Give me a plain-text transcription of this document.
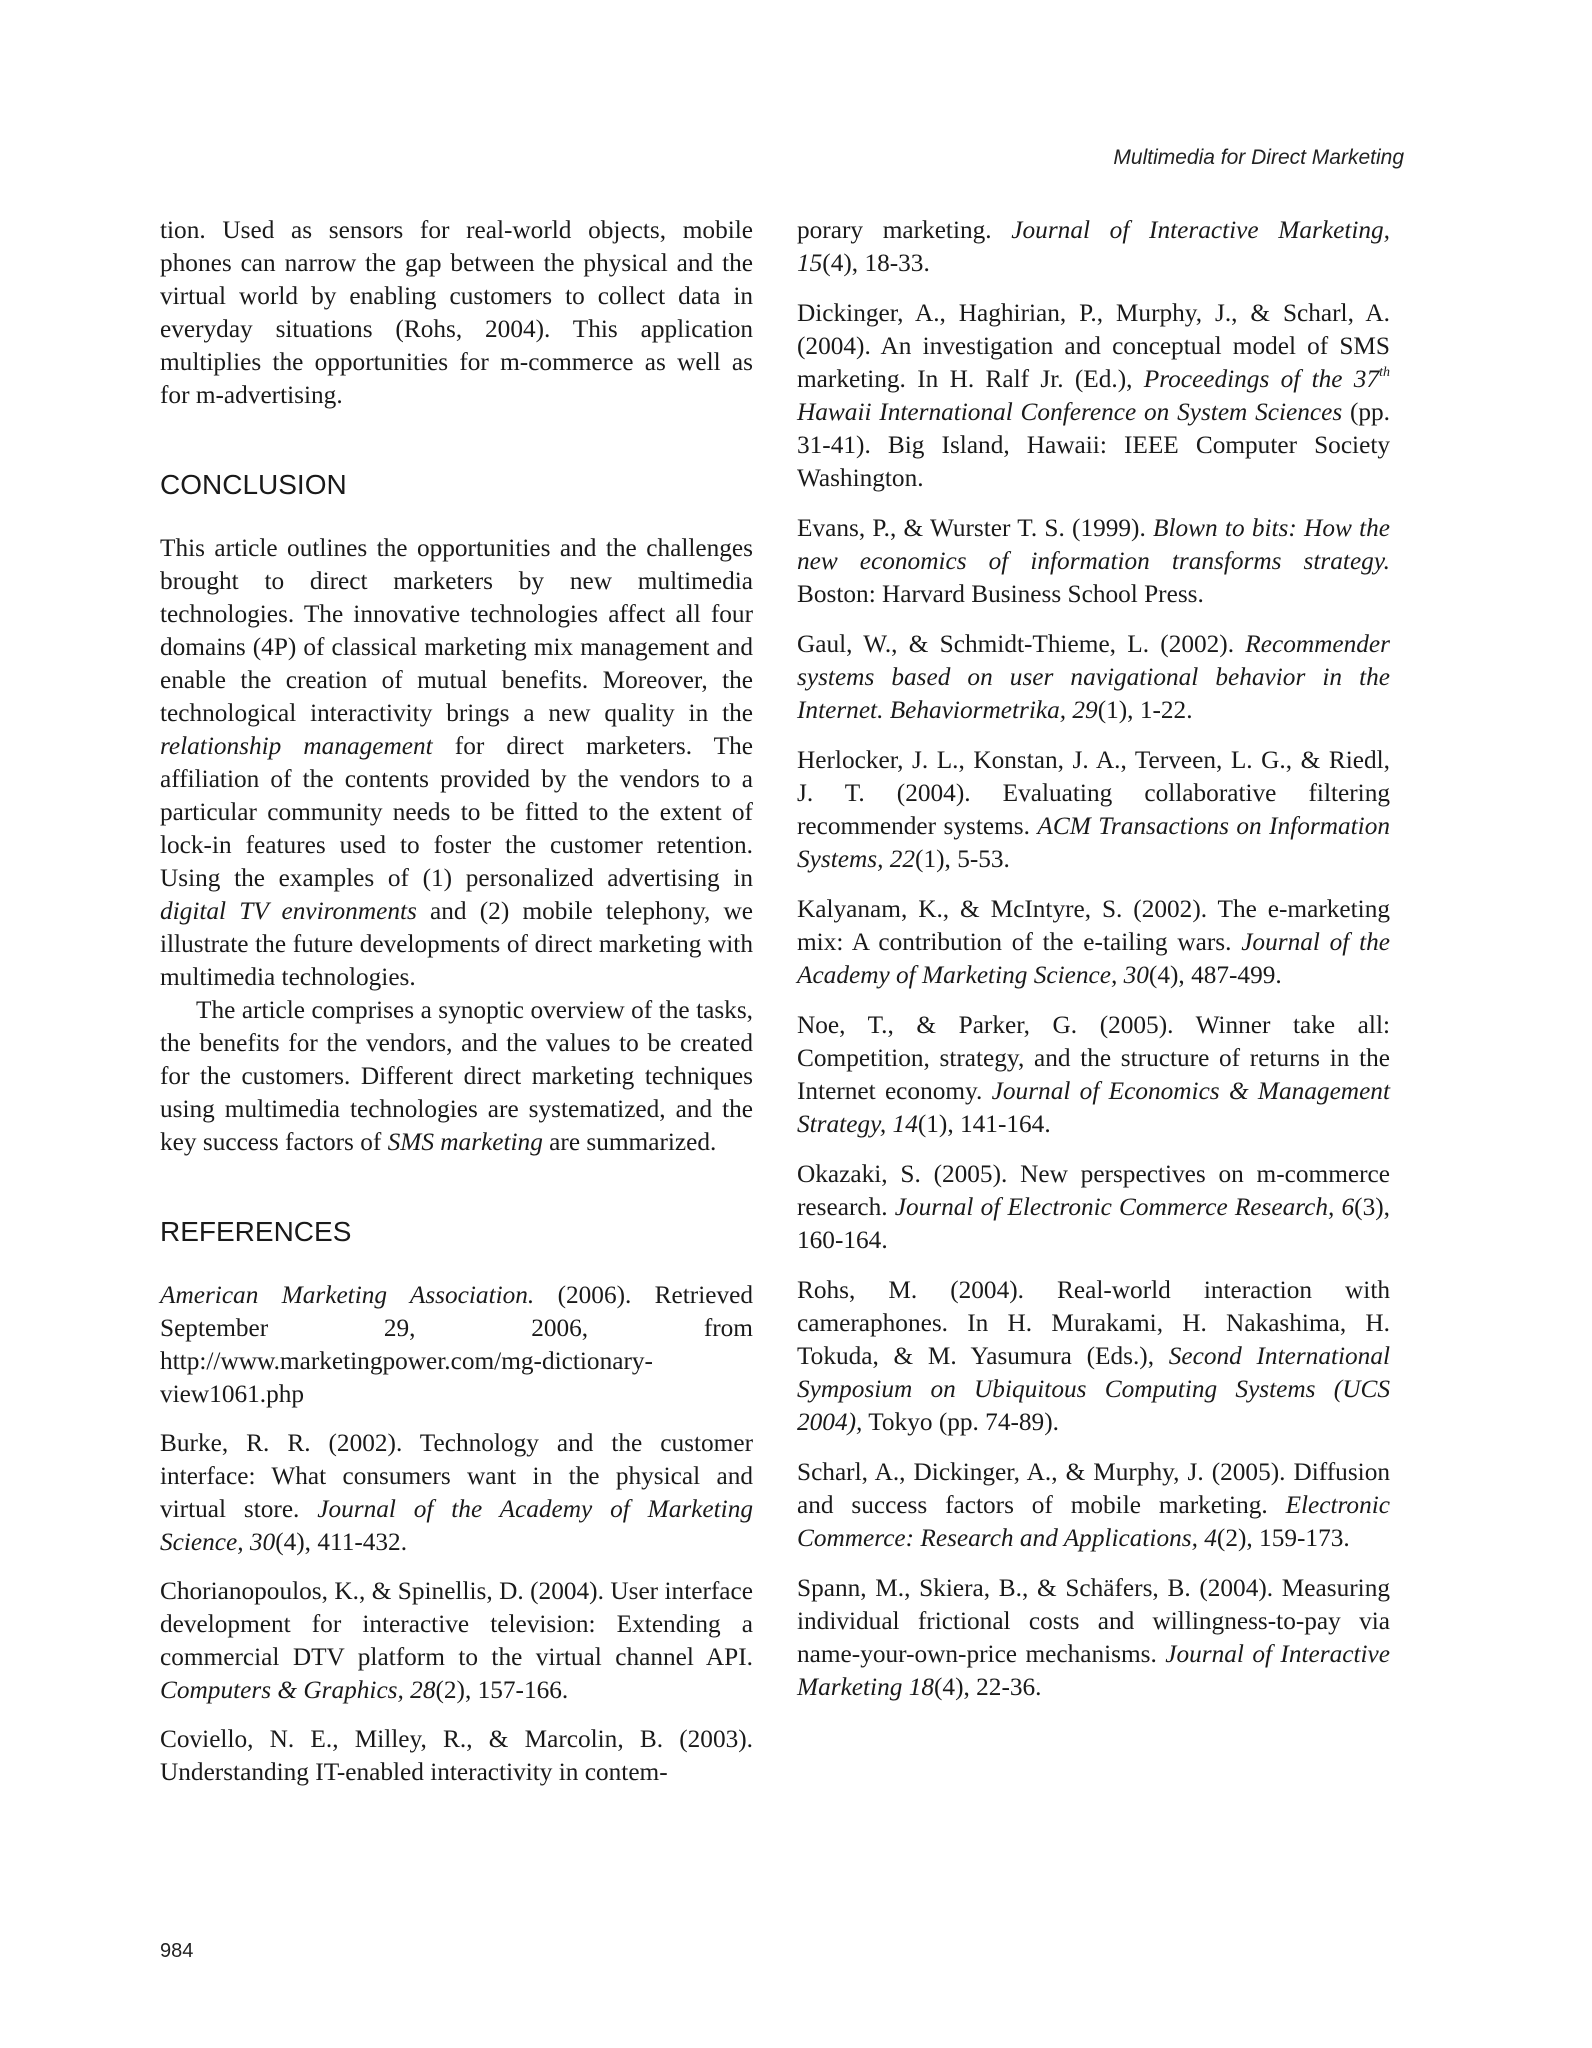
Multimedia for Direct Marketing

tion. Used as sensors for real-world objects, mobile phones can narrow the gap between the physical and the virtual world by enabling customers to collect data in everyday situations (Rohs, 2004). This application multiplies the opportunities for m-commerce as well as for m-advertising.

CONCLUSION

This article outlines the opportunities and the challenges brought to direct marketers by new multimedia technologies. The innovative technologies affect all four domains (4P) of classical marketing mix management and enable the creation of mutual benefits. Moreover, the technological interactivity brings a new quality in the relationship management for direct marketers. The affiliation of the contents provided by the vendors to a particular community needs to be fitted to the extent of lock-in features used to foster the customer retention. Using the examples of (1) personalized advertising in digital TV environments and (2) mobile telephony, we illustrate the future developments of direct marketing with multimedia technologies.

The article comprises a synoptic overview of the tasks, the benefits for the vendors, and the values to be created for the customers. Different direct marketing techniques using multimedia technologies are systematized, and the key success factors of SMS marketing are summarized.

REFERENCES

American Marketing Association. (2006). Retrieved September 29, 2006, from http://www.marketingpower.com/mg-dictionary-view1061.php

Burke, R. R. (2002). Technology and the customer interface: What consumers want in the physical and virtual store. Journal of the Academy of Marketing Science, 30(4), 411-432.

Chorianopoulos, K., & Spinellis, D. (2004). User interface development for interactive television: Extending a commercial DTV platform to the virtual channel API. Computers & Graphics, 28(2), 157-166.

Coviello, N. E., Milley, R., & Marcolin, B. (2003). Understanding IT-enabled interactivity in contem-

porary marketing. Journal of Interactive Marketing, 15(4), 18-33.

Dickinger, A., Haghirian, P., Murphy, J., & Scharl, A. (2004). An investigation and conceptual model of SMS marketing. In H. Ralf Jr. (Ed.), Proceedings of the 37th Hawaii International Conference on System Sciences (pp. 31-41). Big Island, Hawaii: IEEE Computer Society Washington.

Evans, P., & Wurster T. S. (1999). Blown to bits: How the new economics of information transforms strategy. Boston: Harvard Business School Press.

Gaul, W., & Schmidt-Thieme, L. (2002). Recommender systems based on user navigational behavior in the Internet. Behaviormetrika, 29(1), 1-22.

Herlocker, J. L., Konstan, J. A., Terveen, L. G., & Riedl, J. T. (2004). Evaluating collaborative filtering recommender systems. ACM Transactions on Information Systems, 22(1), 5-53.

Kalyanam, K., & McIntyre, S. (2002). The e-marketing mix: A contribution of the e-tailing wars. Journal of the Academy of Marketing Science, 30(4), 487-499.

Noe, T., & Parker, G. (2005). Winner take all: Competition, strategy, and the structure of returns in the Internet economy. Journal of Economics & Management Strategy, 14(1), 141-164.

Okazaki, S. (2005). New perspectives on m-commerce research. Journal of Electronic Commerce Research, 6(3), 160-164.

Rohs, M. (2004). Real-world interaction with cameraphones. In H. Murakami, H. Nakashima, H. Tokuda, & M. Yasumura (Eds.), Second International Symposium on Ubiquitous Computing Systems (UCS 2004), Tokyo (pp. 74-89).

Scharl, A., Dickinger, A., & Murphy, J. (2005). Diffusion and success factors of mobile marketing. Electronic Commerce: Research and Applications, 4(2), 159-173.

Spann, M., Skiera, B., & Schäfers, B. (2004). Measuring individual frictional costs and willingness-to-pay via name-your-own-price mechanisms. Journal of Interactive Marketing 18(4), 22-36.

984
